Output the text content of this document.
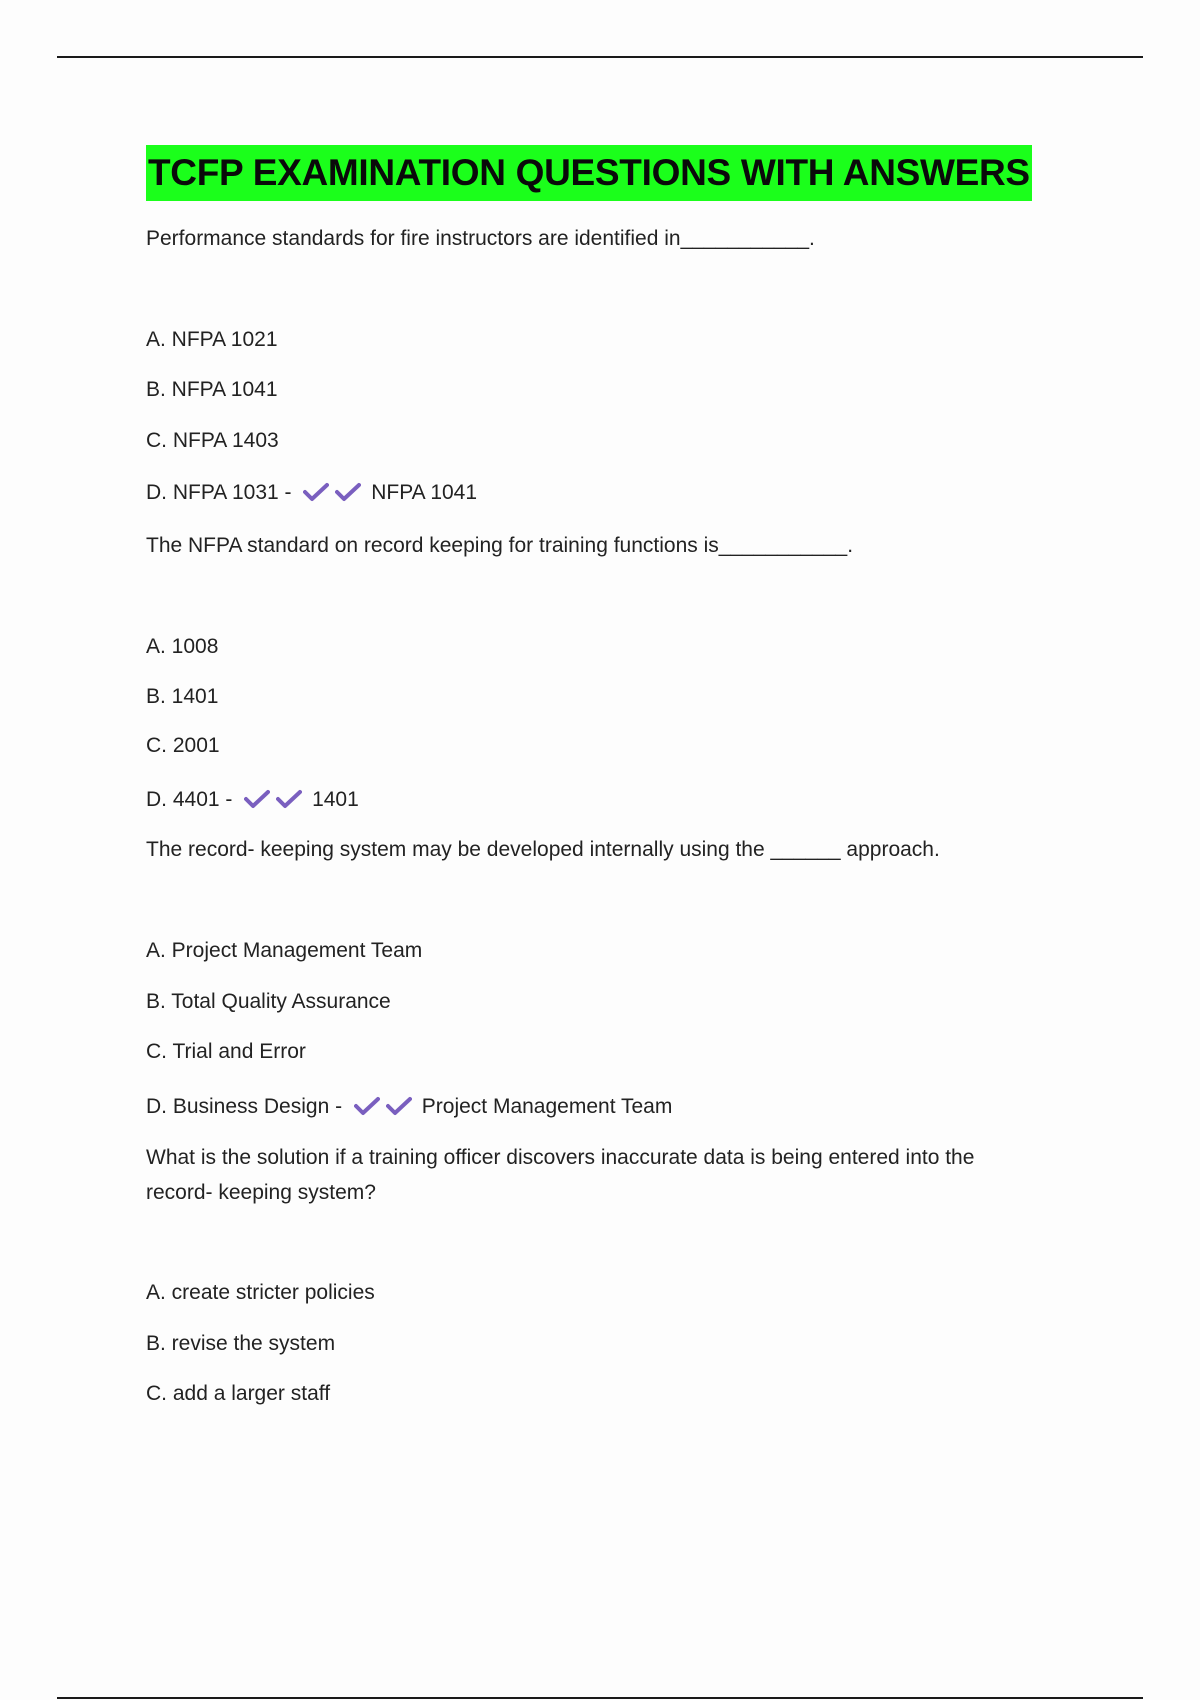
TCFP EXAMINATION QUESTIONS WITH ANSWERS
Performance standards for fire instructors are identified in___________.
A. NFPA 1021
B. NFPA 1041
C. NFPA 1403
D. NFPA 1031 -	NFPA 1041
The NFPA standard on record keeping for training functions is___________.
A. 1008
B. 1401
C. 2001
D. 4401 -	1401
The record- keeping system may be developed internally using the ______ approach.
A. Project Management Team
B. Total Quality Assurance
C. Trial and Error
D. Business Design -	Project Management Team
What is the solution if a training officer discovers inaccurate data is being entered into the record- keeping system?
A. create stricter policies
B. revise the system
C. add a larger staff
